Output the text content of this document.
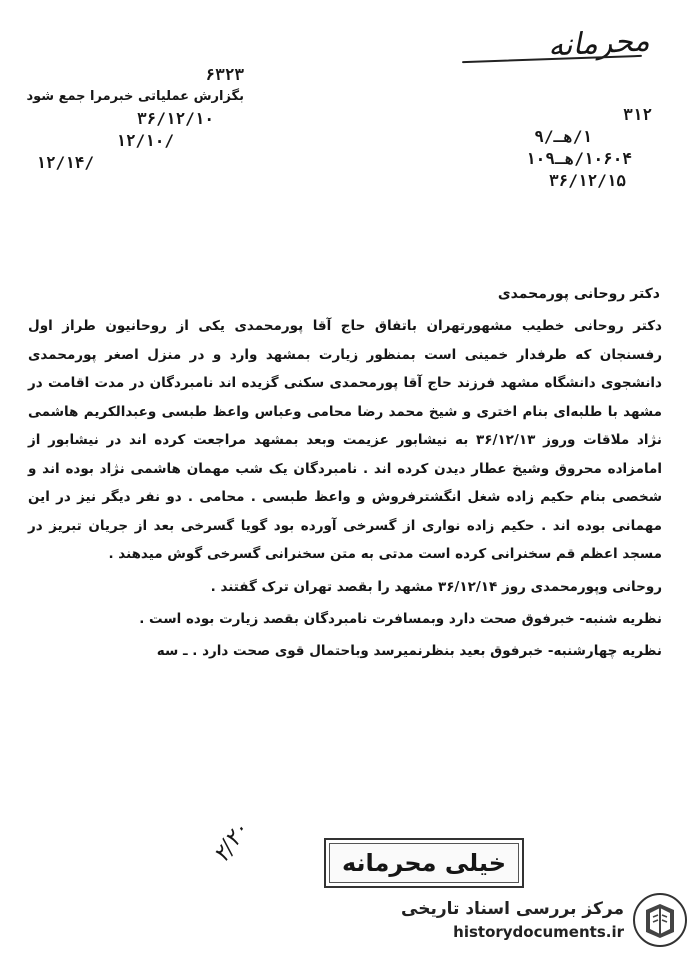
محرمانه
۶۳۲۳
بگزارش عملیاتی خبرمرا جمع شود
۳۶/۱۲/۱۰
/۱۲/۱۰
/۱۲/۱۴
۳۱۲
۱/هـ/۹
۱۰۶۰۴/هـ۱۰۹
۳۶/۱۲/۱۵
دکتر روحانی پورمحمدی

دکتر روحانی خطیب مشهورتهران باتفاق حاج آقا پورمحمدی یکی از روحانیون طراز اول رفسنجان که طرفدار خمینی است بمنظور زیارت بمشهد وارد و در منزل اصغر پورمحمدی دانشجوی دانشگاه مشهد فرزند حاج آقا پورمحمدی سکنی گزیده اند نامبردگان در مدت اقامت در مشهد با طلبه‌ای بنام اختری و شیخ محمد رضا محامی وعباس واعظ طبسی وعبدالکریم هاشمی نژاد ملاقات وروز ۳۶/۱۲/۱۳ به نیشابور عزیمت وبعد بمشهد مراجعت کرده اند در نیشابور از امامزاده محروق وشیخ عطار دیدن کرده اند . نامبردگان یک شب مهمان هاشمی نژاد بوده اند و شخصی بنام حکیم زاده شغل انگشترفروش و واعظ طبسی . محامی . دو نفر دیگر نیز در این مهمانی بوده اند . حکیم زاده نواری از گسرخی آورده بود گویا گسرخی بعد از جریان تبریز در مسجد اعظم قم سخنرانی کرده است مدتی به متن سخنرانی گسرخی گوش میدهند .

روحانی وپورمحمدی روز ۳۶/۱۲/۱۴ مشهد را بقصد تهران ترک گفتند .

نظریه شنبه- خبرفوق صحت دارد وبمسافرت نامبردگان بقصد زیارت بوده است .

نظریه چهارشنبه- خبرفوق بعید بنظرنمیرسد وباحتمال قوی صحت دارد . ـ سه

۲/۲۰	خیلی محرمانه
مرکز بررسی اسناد تاریخی
historydocuments.ir
